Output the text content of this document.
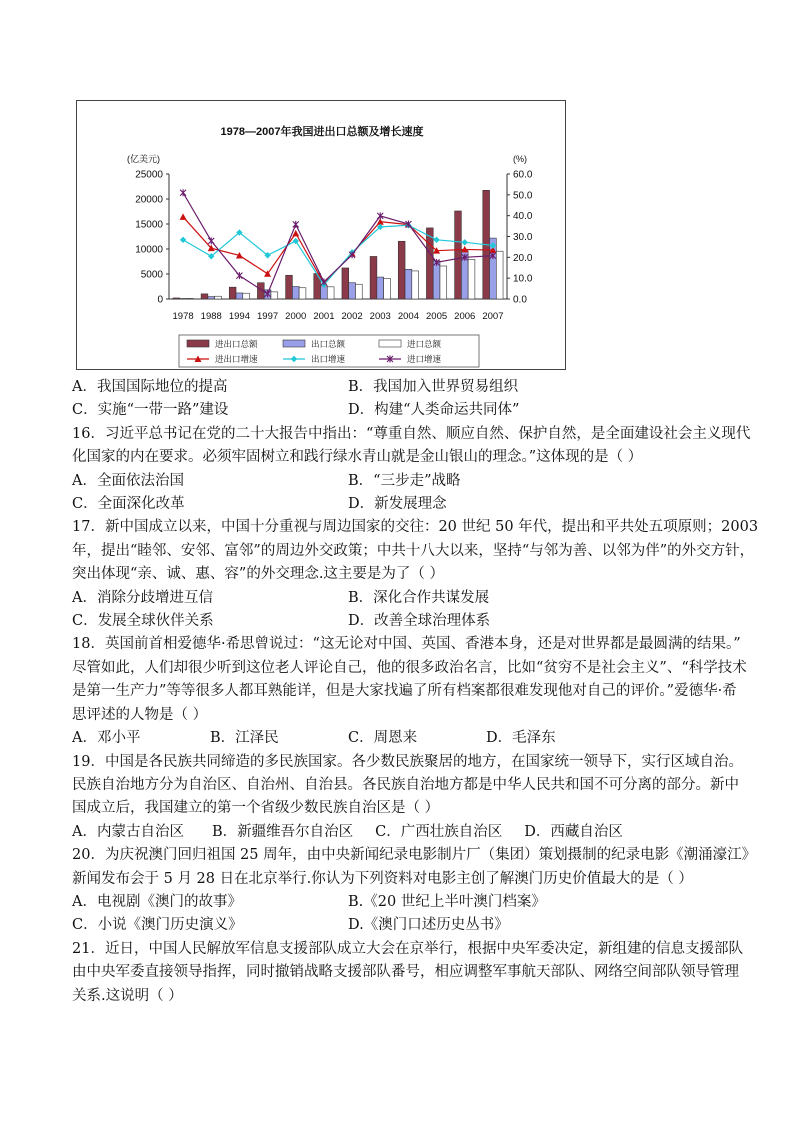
1978—2007年我国进出口总额及增长速度
(亿美元)	(%)
0
5000
10000
15000
20000
25000
0.0
10.0
20.0
30.0
40.0
50.0
60.0
1978 1988 1994 1997 2000 2001 2002 2003 2004 2005 2006 2007
进出口总额	出口总额	进口总额
进出口增速	出口增速	进口增速
A．我国国际地位的提高	B．我国加入世界贸易组织
C．实施“一带一路”建设	D．构建“人类命运共同体”
16．习近平总书记在党的二十大报告中指出：“尊重自然、顺应自然、保护自然，是全面建设社会主义现代
化国家的内在要求。必须牢固树立和践行绿水青山就是金山银山的理念。”这体现的是（ ）
A．全面依法治国	B．“三步走”战略
C．全面深化改革	D．新发展理念
17．新中国成立以来，中国十分重视与周边国家的交往：20 世纪 50 年代，提出和平共处五项原则；2003
年，提出“睦邻、安邻、富邻”的周边外交政策；中共十八大以来，坚持“与邻为善、以邻为伴”的外交方针，
突出体现“亲、诚、惠、容”的外交理念.这主要是为了（ ）
A．消除分歧增进互信	B．深化合作共谋发展
C．发展全球伙伴关系	D．改善全球治理体系
18．英国前首相爱德华·希思曾说过：“这无论对中国、英国、香港本身，还是对世界都是最圆满的结果。”
尽管如此，人们却很少听到这位老人评论自己，他的很多政治名言，比如“贫穷不是社会主义”、“科学技术
是第一生产力”等等很多人都耳熟能详，但是大家找遍了所有档案都很难发现他对自己的评价。”爱德华·希
思评述的人物是（ ）
A．邓小平	B．江泽民	C．周恩来	D．毛泽东
19．中国是各民族共同缔造的多民族国家。各少数民族聚居的地方，在国家统一领导下，实行区域自治。
民族自治地方分为自治区、自治州、自治县。各民族自治地方都是中华人民共和国不可分离的部分。新中
国成立后，我国建立的第一个省级少数民族自治区是（ ）
A．内蒙古自治区 B．新疆维吾尔自治区 C．广西壮族自治区 D．西藏自治区
20．为庆祝澳门回归祖国 25 周年，由中央新闻纪录电影制片厂（集团）策划摄制的纪录电影《潮涌濠江》
新闻发布会于 5 月 28 日在北京举行.你认为下列资料对电影主创了解澳门历史价值最大的是（ ）
A．电视剧《澳门的故事》	B.《20 世纪上半叶澳门档案》
C．小说《澳门历史演义》	D.《澳门口述历史丛书》
21．近日，中国人民解放军信息支援部队成立大会在京举行，根据中央军委决定，新组建的信息支援部队
由中央军委直接领导指挥，同时撤销战略支援部队番号，相应调整军事航天部队、网络空间部队领导管理
关系.这说明（ ）
